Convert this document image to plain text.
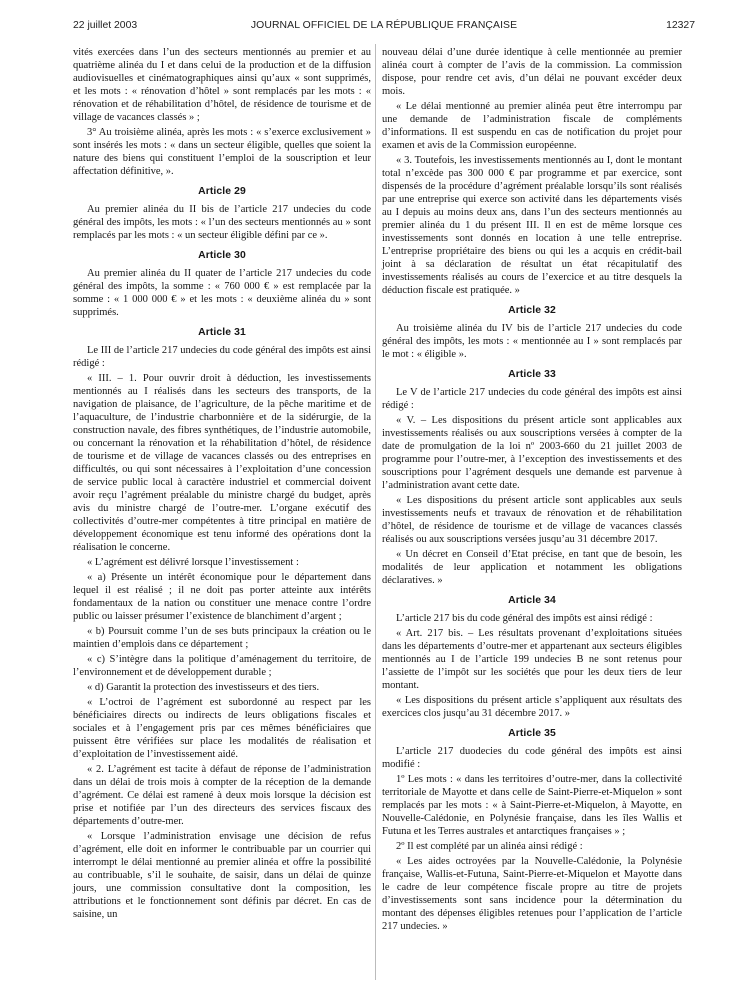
22 juillet 2003	JOURNAL OFFICIEL DE LA RÉPUBLIQUE FRANÇAISE	12327

vités exercées dans l’un des secteurs mentionnés au premier et au quatrième alinéa du I et dans celui de la production et de la diffusion audiovisuelles et cinématographiques ainsi qu’aux « sont supprimés, et les mots : « rénovation d’hôtel » sont remplacés par les mots : « rénovation et de réhabilitation d’hôtel, de résidence de tourisme et de village de vacances classés » ;

3° Au troisième alinéa, après les mots : « s’exerce exclusivement » sont insérés les mots : « dans un secteur éligible, quelles que soient la nature des biens qui constituent l’emploi de la souscription et leur affectation définitive, ».

Article 29

Au premier alinéa du II bis de l’article 217 undecies du code général des impôts, les mots : « l’un des secteurs mentionnés au » sont remplacés par les mots : « un secteur éligible défini par ce ».

Article 30

Au premier alinéa du II quater de l’article 217 undecies du code général des impôts, la somme : « 760 000 € » est remplacée par la somme : « 1 000 000 € » et les mots : « deuxième alinéa du » sont supprimés.

Article 31

Le III de l’article 217 undecies du code général des impôts est ainsi rédigé :

« III. – 1. Pour ouvrir droit à déduction, les investissements mentionnés au I réalisés dans les secteurs des transports, de la navigation de plaisance, de l’agriculture, de la pêche maritime et de l’aquaculture, de l’industrie charbonnière et de la sidérurgie, de la construction navale, des fibres synthétiques, de l’industrie automobile, ou concernant la rénovation et la réhabilitation d’hôtel, de résidence de tourisme et de village de vacances classés ou des entreprises en difficultés, ou qui sont nécessaires à l’exploitation d’une concession de service public local à caractère industriel et commercial doivent avoir reçu l’agrément préalable du ministre chargé du budget, après avis du ministre chargé de l’outre-mer. L’organe exécutif des collectivités d’outre-mer compétentes à titre principal en matière de développement économique est tenu informé des opérations dont la réalisation le concerne.

« L’agrément est délivré lorsque l’investissement :

« a) Présente un intérêt économique pour le département dans lequel il est réalisé ; il ne doit pas porter atteinte aux intérêts fondamentaux de la nation ou constituer une menace contre l’ordre public ou laisser présumer l’existence de blanchiment d’argent ;

« b) Poursuit comme l’un de ses buts principaux la création ou le maintien d’emplois dans ce département ;

« c) S’intègre dans la politique d’aménagement du territoire, de l’environnement et de développement durable ;

« d) Garantit la protection des investisseurs et des tiers.

« L’octroi de l’agrément est subordonné au respect par les bénéficiaires directs ou indirects de leurs obligations fiscales et sociales et à l’engagement pris par ces mêmes bénéficiaires que puissent être vérifiées sur place les modalités de réalisation et d’exploitation de l’investissement aidé.

« 2. L’agrément est tacite à défaut de réponse de l’administration dans un délai de trois mois à compter de la réception de la demande d’agrément. Ce délai est ramené à deux mois lorsque la décision est prise et notifiée par l’un des directeurs des services fiscaux des départements d’outre-mer.

« Lorsque l’administration envisage une décision de refus d’agrément, elle doit en informer le contribuable par un courrier qui interrompt le délai mentionné au premier alinéa et offre la possibilité au contribuable, s’il le souhaite, de saisir, dans un délai de quinze jours, une commission consultative dont la composition, les attributions et le fonctionnement sont définis par décret. En cas de saisine, un

nouveau délai d’une durée identique à celle mentionnée au premier alinéa court à compter de l’avis de la commission. La commission dispose, pour rendre cet avis, d’un délai ne pouvant excéder deux mois.

« Le délai mentionné au premier alinéa peut être interrompu par une demande de l’administration fiscale de compléments d’informations. Il est suspendu en cas de notification du projet pour examen et avis de la Commission européenne.

« 3. Toutefois, les investissements mentionnés au I, dont le montant total n’excède pas 300 000 € par programme et par exercice, sont dispensés de la procédure d’agrément préalable lorsqu’ils sont réalisés par une entreprise qui exerce son activité dans les départements visés au I depuis au moins deux ans, dans l’un des secteurs mentionnés au premier alinéa du 1 du présent III. Il en est de même lorsque ces investissements sont donnés en location à une telle entreprise. L’entreprise propriétaire des biens ou qui les a acquis en crédit-bail joint à sa déclaration de résultat un état récapitulatif des investissements réalisés au cours de l’exercice et au titre desquels la déduction fiscale est pratiquée. »

Article 32

Au troisième alinéa du IV bis de l’article 217 undecies du code général des impôts, les mots : « mentionnée au I » sont remplacés par le mot : « éligible ».

Article 33

Le V de l’article 217 undecies du code général des impôts est ainsi rédigé :

« V. – Les dispositions du présent article sont applicables aux investissements réalisés ou aux souscriptions versées à compter de la date de promulgation de la loi nº 2003-660 du 21 juillet 2003 de programme pour l’outre-mer, à l’exception des investissements et des souscriptions pour l’agrément desquels une demande est parvenue à l’administration avant cette date.

« Les dispositions du présent article sont applicables aux seuls investissements neufs et travaux de rénovation et de réhabilitation d’hôtel, de résidence de tourisme et de village de vacances classés réalisés ou aux souscriptions versées jusqu’au 31 décembre 2017.

« Un décret en Conseil d’Etat précise, en tant que de besoin, les modalités de leur application et notamment les obligations déclaratives. »

Article 34

L’article 217 bis du code général des impôts est ainsi rédigé :

« Art. 217 bis. – Les résultats provenant d’exploitations situées dans les départements d’outre-mer et appartenant aux secteurs éligibles mentionnés au I de l’article 199 undecies B ne sont retenus pour l’assiette de l’impôt sur les sociétés que pour les deux tiers de leur montant.

« Les dispositions du présent article s’appliquent aux résultats des exercices clos jusqu’au 31 décembre 2017. »

Article 35

L’article 217 duodecies du code général des impôts est ainsi modifié :

1º Les mots : « dans les territoires d’outre-mer, dans la collectivité territoriale de Mayotte et dans celle de Saint-Pierre-et-Miquelon » sont remplacés par les mots : « à Saint-Pierre-et-Miquelon, à Mayotte, en Nouvelle-Calédonie, en Polynésie française, dans les îles Wallis et Futuna et les Terres australes et antarctiques françaises » ;

2º Il est complété par un alinéa ainsi rédigé :

« Les aides octroyées par la Nouvelle-Calédonie, la Polynésie française, Wallis-et-Futuna, Saint-Pierre-et-Miquelon et Mayotte dans le cadre de leur compétence fiscale propre au titre de projets d’investissements sont sans incidence pour la détermination du montant des dépenses éligibles retenues pour l’application de l’article 217 undecies. »
